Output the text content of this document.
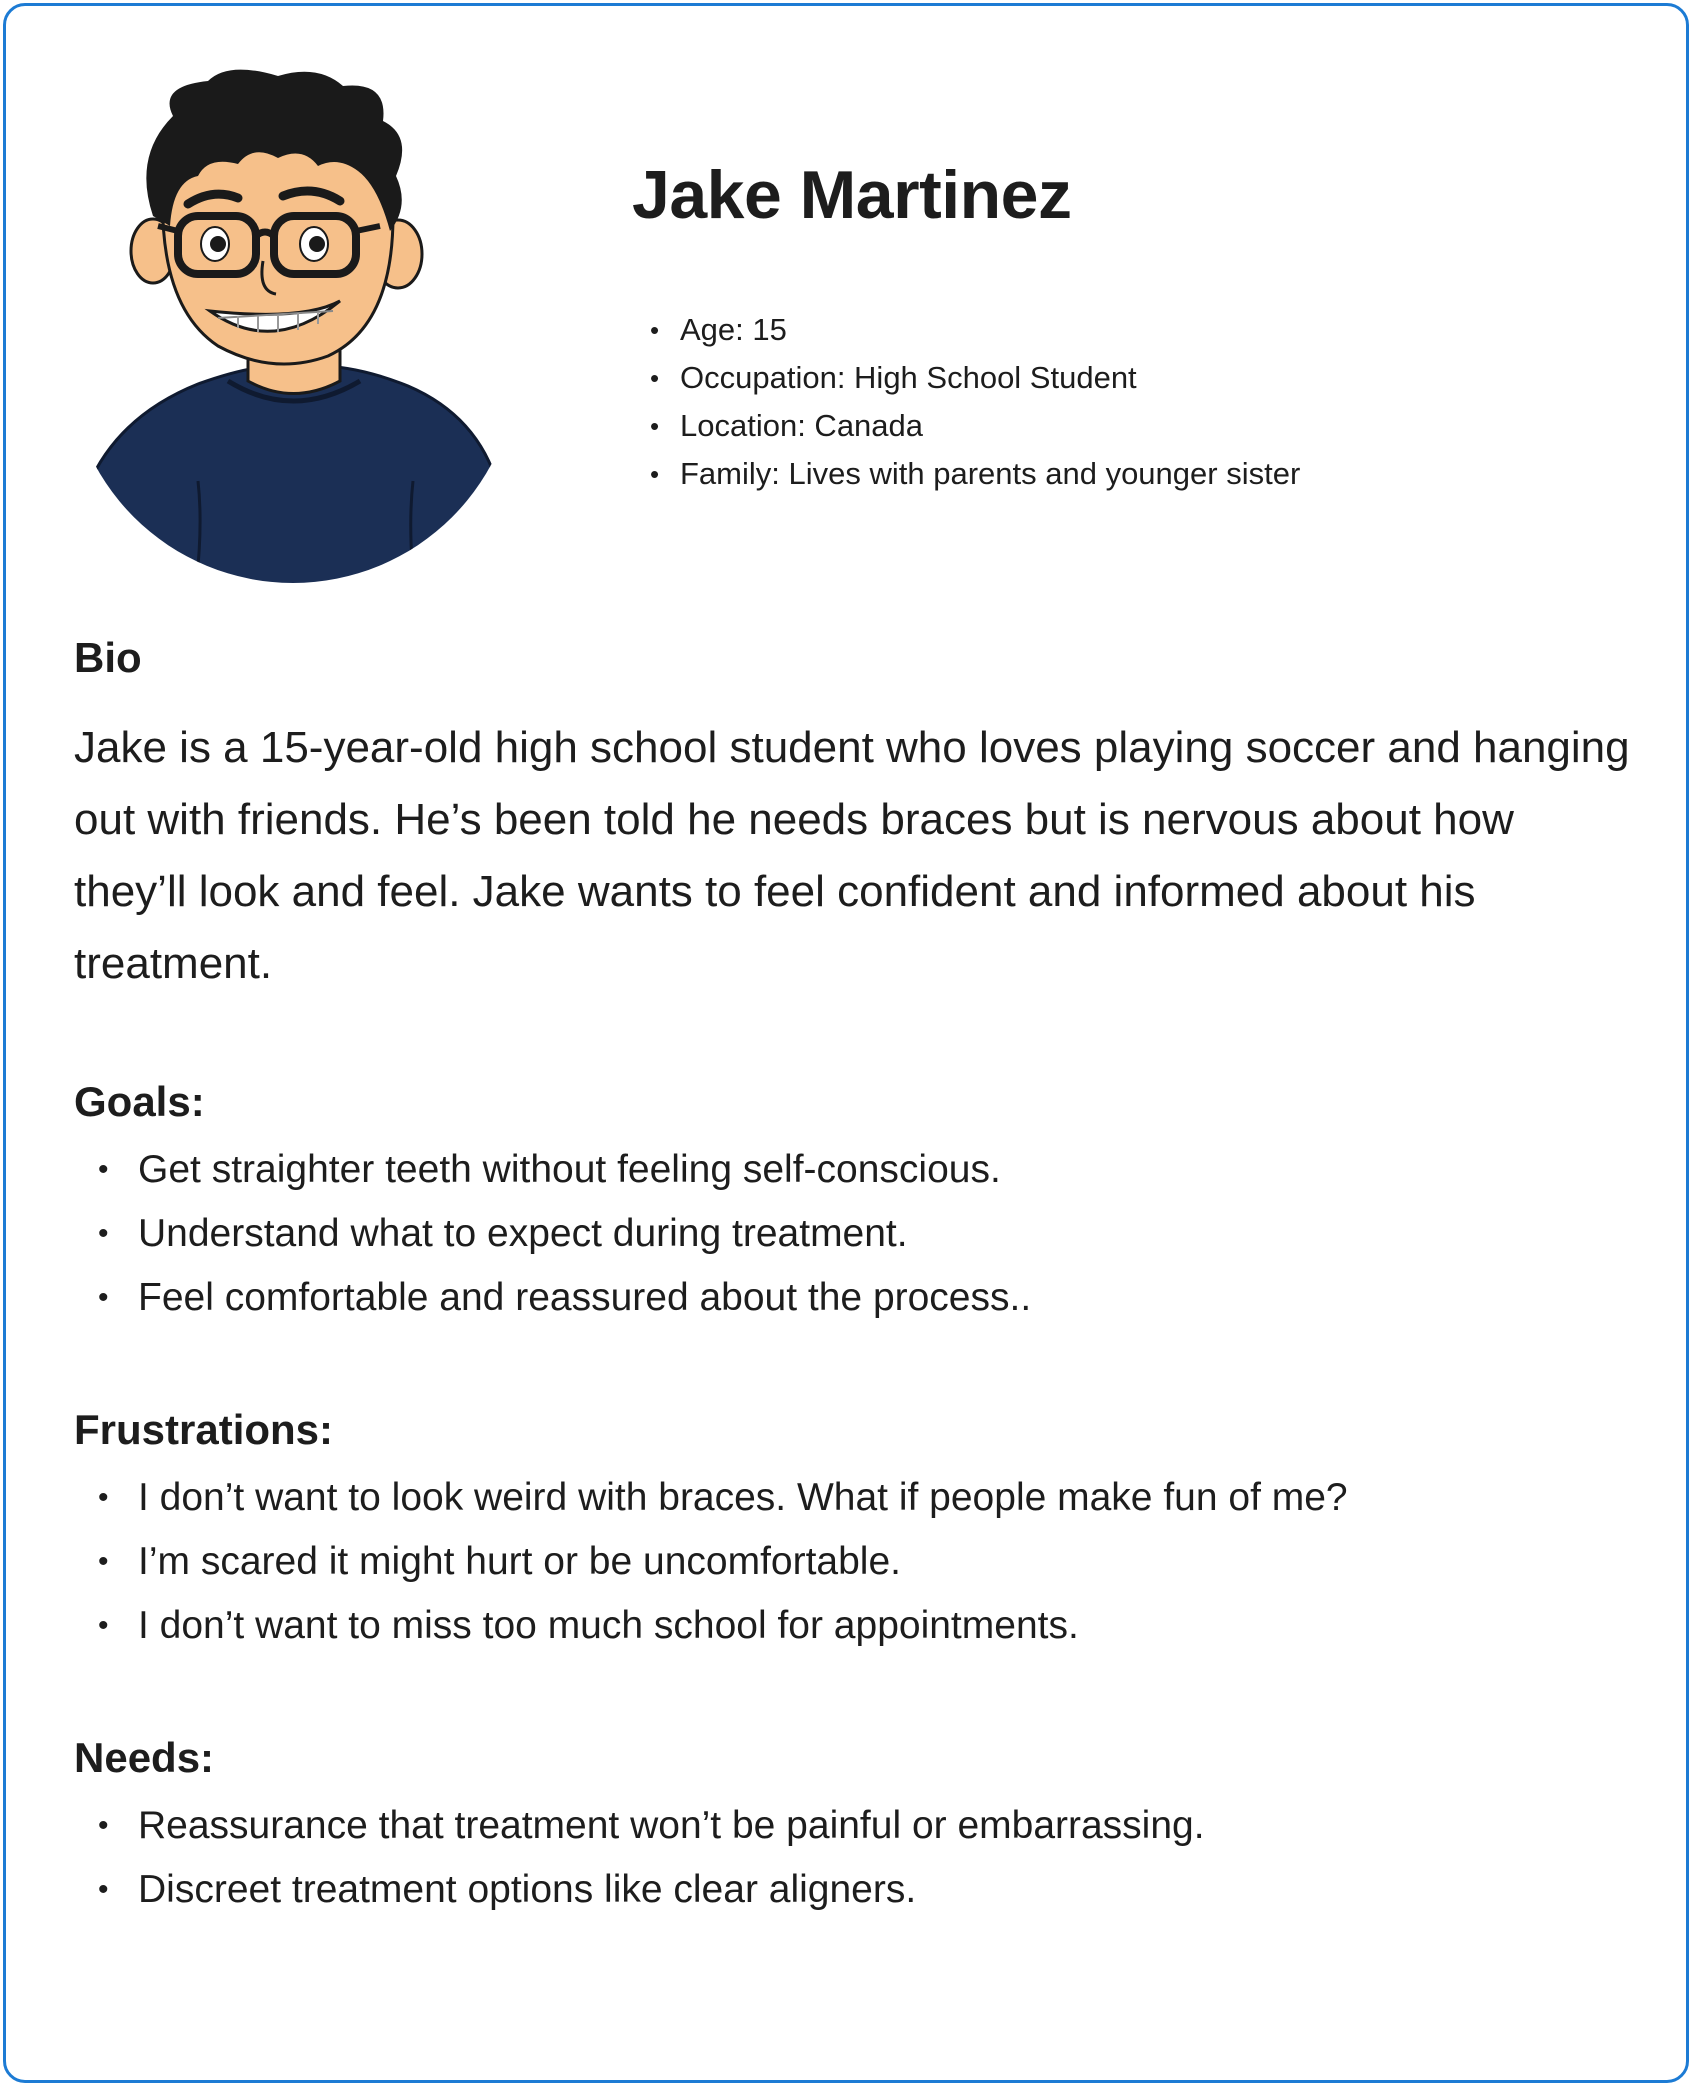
Jake Martinez
• Age: 15
• Occupation: High School Student
• Location: Canada
• Family: Lives with parents and younger sister
Bio

Jake is a 15-year-old high school student who loves playing soccer and hanging out with friends. He’s been told he needs braces but is nervous about how they’ll look and feel. Jake wants to feel confident and informed about his treatment.

Goals:
• Get straighter teeth without feeling self-conscious.
• Understand what to expect during treatment.
• Feel comfortable and reassured about the process..
Frustrations:
• I don’t want to look weird with braces. What if people make fun of me?
• I’m scared it might hurt or be uncomfortable.
• I don’t want to miss too much school for appointments.
Needs:
• Reassurance that treatment won’t be painful or embarrassing.
• Discreet treatment options like clear aligners.
